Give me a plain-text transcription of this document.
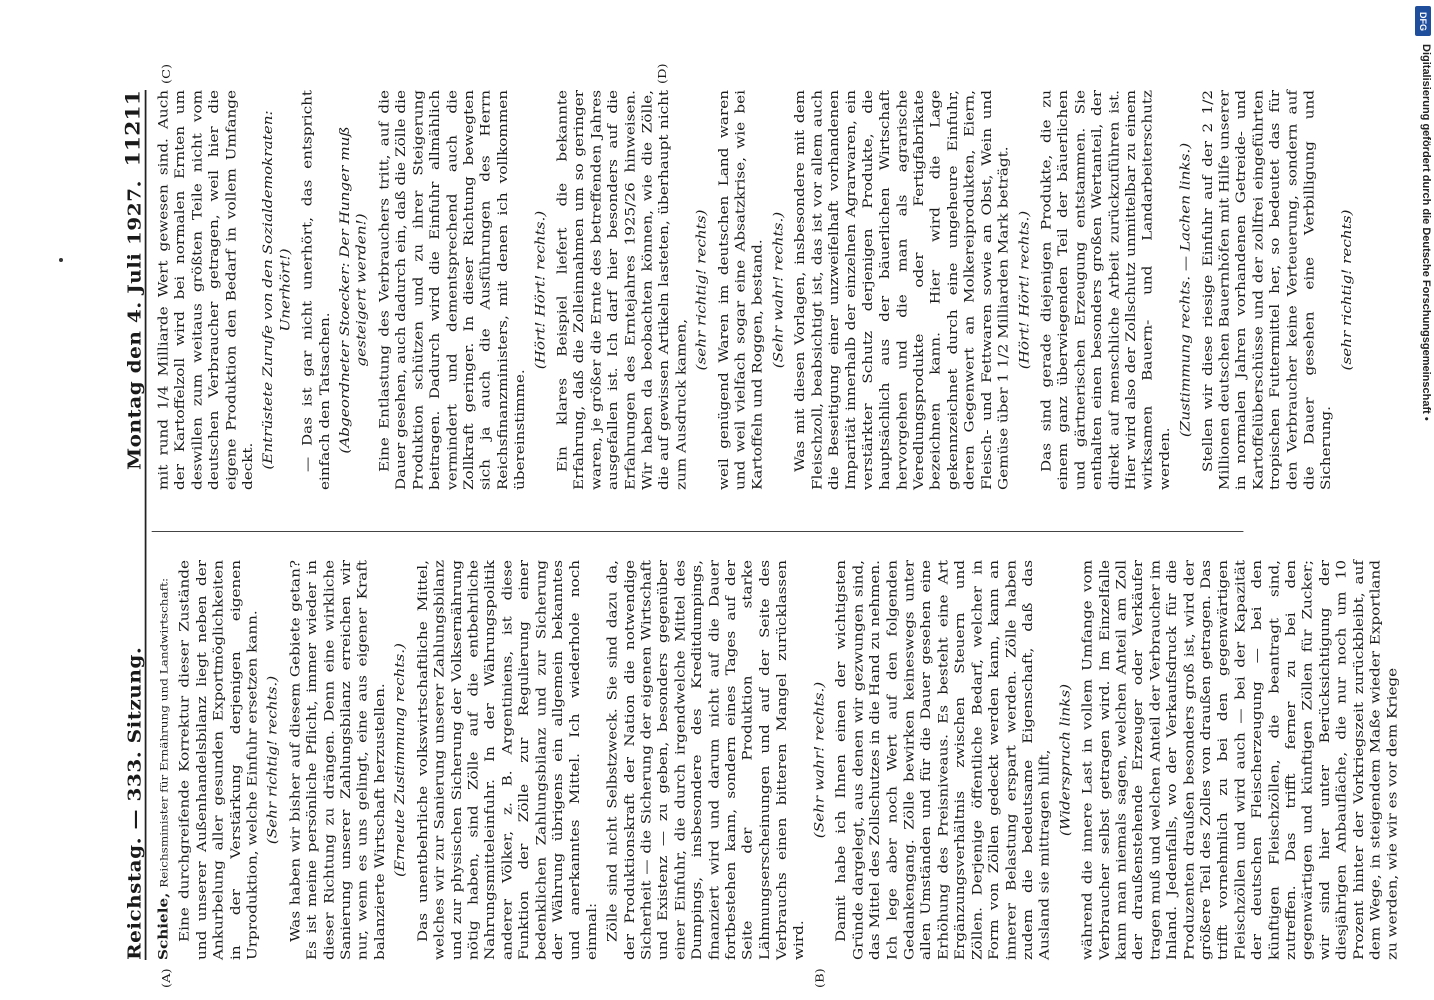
Reichstag. — 333. Sitzung.
Montag den 4. Juli 1927.
11211
(A)	(B)
(C)	(D)

Schiele, Reichsminister für Ernährung und Landwirtschaft: Eine durchgreifende Korrektur dieser Zustände und unserer Außenhandelsbilanz liegt neben der Ankurbelung aller gesunden Exportmöglichkeiten in der Verstärkung derjenigen eigenen Urproduktion, welche Einfuhr ersetzen kann. (Sehr richtig! rechts.) Was haben wir bisher auf diesem Gebiete getan? Es ist meine persönliche Pflicht, immer wieder in dieser Richtung zu drängen. Denn eine wirkliche Sanierung unserer Zahlungsbilanz erreichen wir nur, wenn es uns gelingt, eine aus eigener Kraft balanzierte Wirtschaft herzustellen. (Erneute Zustimmung rechts.) Das unentbehrliche volkswirtschaftliche Mittel, welches wir zur Sanierung unserer Zahlungsbilanz und zur physischen Sicherung der Volksernährung nötig haben, sind Zölle auf die entbehrliche Nahrungsmitteleinfuhr. In der Währungspolitik anderer Völker, z. B. Argentiniens, ist diese Funktion der Zölle zur Regulierung einer bedenklichen Zahlungsbilanz und zur Sicherung der Währung übrigens ein allgemein bekanntes und anerkanntes Mittel. Ich wiederhole noch einmal: Zölle sind nicht Selbstzweck. Sie sind dazu da, der Produktionskraft der Nation die notwendige Sicherheit — die Sicherung der eigenen Wirtschaft und Existenz — zu geben, besonders gegenüber einer Einfuhr, die durch irgendwelche Mittel des Dumpings, insbesondere des Kreditdumpings, finanziert wird und darum nicht auf die Dauer fortbestehen kann, sondern eines Tages auf der Seite der Produktion starke Lähmungserscheinungen und auf der Seite des Verbrauchs einen bitteren Mangel zurücklassen wird.

(Sehr wahr! rechts.) Damit habe ich Ihnen einen der wichtigsten Gründe dargelegt, aus denen wir gezwungen sind, das Mittel des Zollschutzes in die Hand zu nehmen. Ich lege aber noch Wert auf den folgenden Gedankengang. Zölle bewirken keineswegs unter allen Umständen und für die Dauer gesehen eine Erhöhung des Preisniveaus. Es besteht eine Art Ergänzungsverhältnis zwischen Steuern und Zöllen. Derjenige öffentliche Bedarf, welcher in Form von Zöllen gedeckt werden kann, kann an innerer Belastung erspart werden. Zölle haben zudem die bedeutsame Eigenschaft, daß das Ausland sie mittragen hilft, (Widerspruch links) während die innere Last in vollem Umfange vom Verbraucher selbst getragen wird. Im Einzelfalle kann man niemals sagen, welchen Anteil am Zoll der draußenstehende Erzeuger oder Verkäufer tragen muß und welchen Anteil der Verbraucher im Inland. Jedenfalls, wo der Verkaufsdruck für die Produzenten draußen besonders groß ist, wird der größere Teil des Zolles von draußen getragen. Das trifft vornehmlich zu bei den gegenwärtigen Fleischzöllen und wird auch — bei der Kapazität der deutschen Fleischerzeugung — bei den künftigen Fleischzöllen, die beantragt sind, zutreffen. Das trifft ferner zu bei den gegenwärtigen und künftigen Zöllen für Zucker; wir sind hier unter Berücksichtigung der diesjährigen Anbaufläche, die nur noch um 10 Prozent hinter der Vorkriegszeit zurückbleibt, auf dem Wege, in steigendem Maße wieder Exportland zu werden, wie wir es vor dem Kriege

mit rund 1/4 Milliarde Wert gewesen sind. Auch der Kartoffelzoll wird bei normalen Ernten um deswillen zum weitaus größten Teile nicht vom deutschen Verbraucher getragen, weil hier die eigene Produktion den Bedarf in vollem Umfange deckt. (Entrüstete Zurufe von den Sozialdemokraten: Unerhört!) — Das ist gar nicht unerhört, das entspricht einfach den Tatsachen. (Abgeordneter Stoecker: Der Hunger muß gesteigert werden!) Eine Entlastung des Verbrauchers tritt, auf die Dauer gesehen, auch dadurch ein, daß die Zölle die Produktion schützen und zu ihrer Steigerung beitragen. Dadurch wird die Einfuhr allmählich vermindert und dementsprechend auch die Zollkraft geringer. In dieser Richtung bewegten sich ja auch die Ausführungen des Herrn Reichsfinanzministers, mit denen ich vollkommen übereinstimme.

(Hört! Hört! rechts.) Ein klares Beispiel liefert die bekannte Erfahrung, daß die Zolleinnahmen um so geringer waren, je größer die Ernte des betreffenden Jahres ausgefallen ist. Ich darf hier besonders auf die Erfahrungen des Erntejahres 1925/26 hinweisen. Wir haben da beobachten können, wie die Zölle, die auf gewissen Artikeln lasteten, überhaupt nicht zum Ausdruck kamen,

(sehr richtig! rechts) weil genügend Waren im deutschen Land waren und weil vielfach sogar eine Absatzkrise, wie bei Kartoffeln und Roggen, bestand. (Sehr wahr! rechts.) Was mit diesen Vorlagen, insbesondere mit dem Fleischzoll, beabsichtigt ist, das ist vor allem auch die Beseitigung einer unzweifelhaft vorhandenen Imparität innerhalb der einzelnen Agrarwaren, ein verstärkter Schutz derjenigen Produkte, die hauptsächlich aus der bäuerlichen Wirtschaft hervorgehen und die man als agrarische Veredlungsprodukte oder Fertigfabrikate bezeichnen kann. Hier wird die Lage gekennzeichnet durch eine ungeheure Einfuhr, deren Gegenwert an Molkereiprodukten, Eiern, Fleisch- und Fettwaren sowie an Obst, Wein und Gemüse über 1 1/2 Milliarden Mark beträgt. (Hört! Hört! rechts.) Das sind gerade diejenigen Produkte, die zu einem ganz überwiegenden Teil der bäuerlichen und gärtnerischen Erzeugung entstammen. Sie enthalten einen besonders großen Wertanteil, der direkt auf menschliche Arbeit zurückzuführen ist. Hier wird also der Zollschutz unmittelbar zu einem wirksamen Bauern- und Landarbeiterschutz werden.

(Zustimmung rechts. — Lachen links.) Stellen wir diese riesige Einfuhr auf der 2 1/2 Millionen deutschen Bauernhöfen mit Hilfe unserer in normalen Jahren vorhandenen Getreide- und Kartoffelüberschüsse und der zollfrei eingeführten tropischen Futtermittel her, so bedeutet das für den Verbraucher keine Verteuerung, sondern auf die Dauer gesehen eine Verbilligung und Sicherung.

(sehr richtig! rechts)
DFG
Digitalisierung gefördert durch die Deutsche Forschungsgemeinschaft •
